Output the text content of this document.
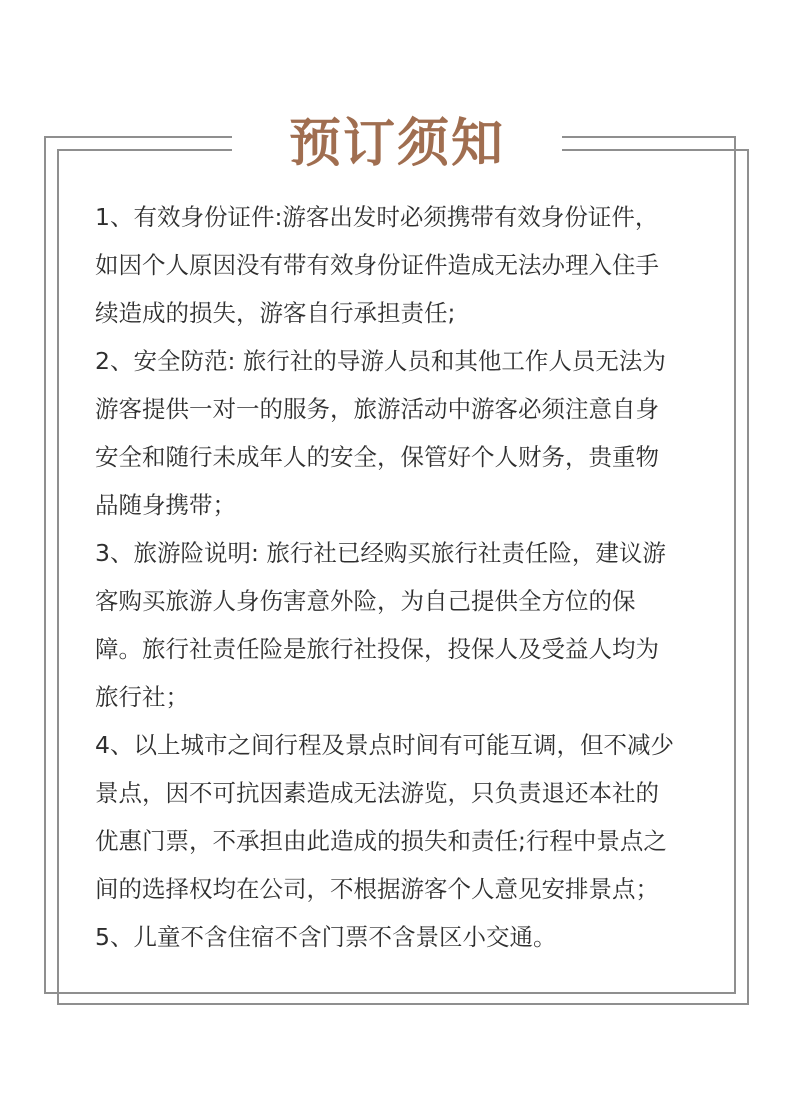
预订须知

1、有效身份证件:游客出发时必须携带有效身份证件，
如因个人原因没有带有效身份证件造成无法办理入住手
续造成的损失，游客自行承担责任;

2、安全防范: 旅行社的导游人员和其他工作人员无法为
游客提供一对一的服务，旅游活动中游客必须注意自身
安全和随行未成年人的安全，保管好个人财务，贵重物
品随身携带；

3、旅游险说明: 旅行社已经购买旅行社责任险，建议游
客购买旅游人身伤害意外险，为自己提供全方位的保
障。旅行社责任险是旅行社投保，投保人及受益人均为
旅行社；

4、以上城市之间行程及景点时间有可能互调，但不减少
景点，因不可抗因素造成无法游览，只负责退还本社的
优惠门票，不承担由此造成的损失和责任;行程中景点之
间的选择权均在公司，不根据游客个人意见安排景点；

5、儿童不含住宿不含门票不含景区小交通。
